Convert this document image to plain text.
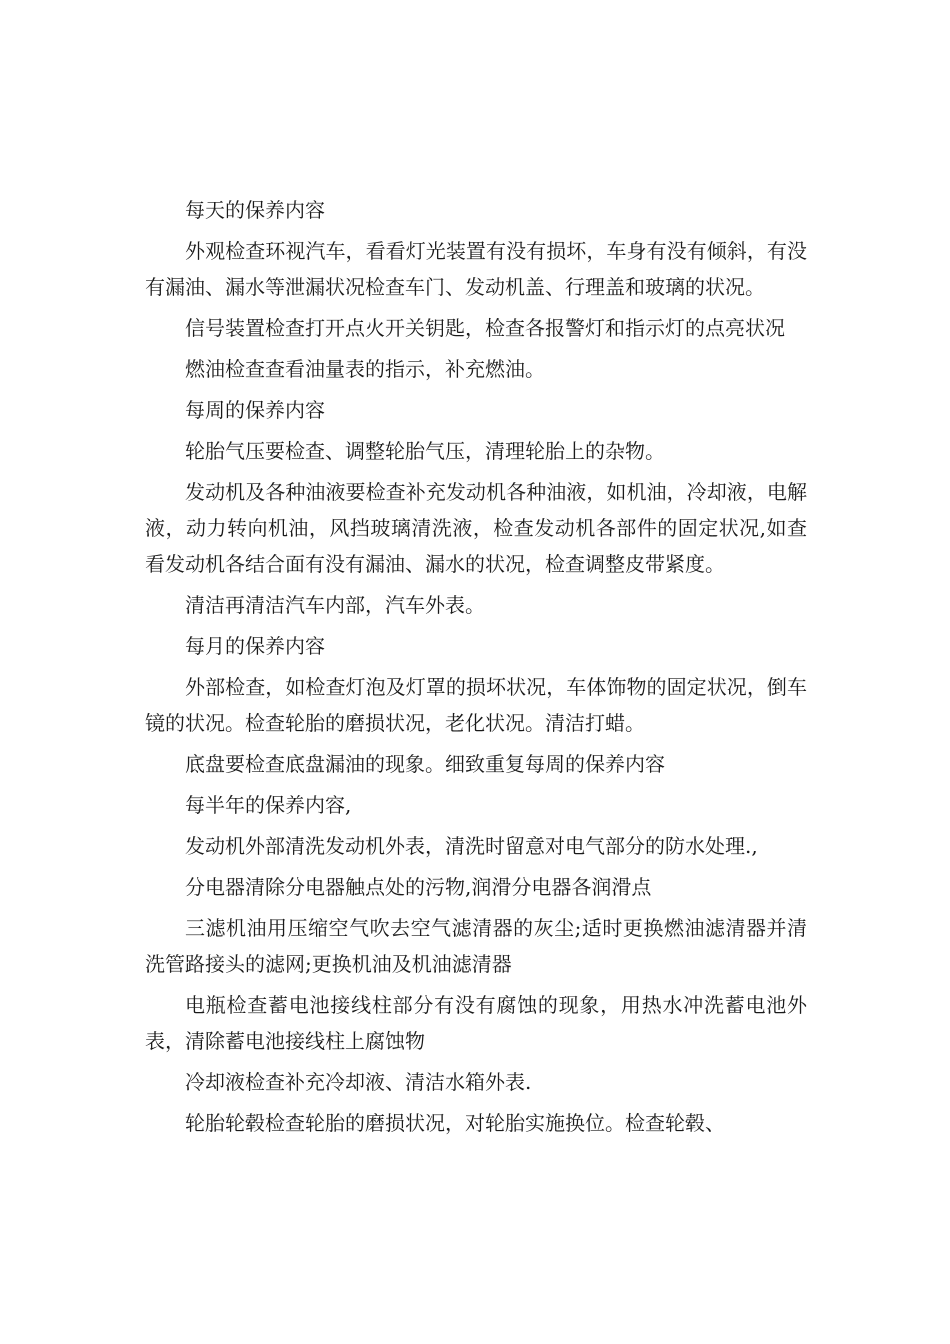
每天的保养内容

外观检查环视汽车，看看灯光装置有没有损坏，车身有没有倾斜，有没有漏油、漏水等泄漏状况检查车门、发动机盖、行理盖和玻璃的状况。

信号装置检查打开点火开关钥匙，检查各报警灯和指示灯的点亮状况

燃油检查查看油量表的指示，补充燃油。

每周的保养内容

轮胎气压要检查、调整轮胎气压，清理轮胎上的杂物。

发动机及各种油液要检查补充发动机各种油液，如机油，冷却液，电解液，动力转向机油，风挡玻璃清洗液，检查发动机各部件的固定状况,如查看发动机各结合面有没有漏油、漏水的状况，检查调整皮带紧度。

清洁再清洁汽车内部，汽车外表。

每月的保养内容

外部检查，如检查灯泡及灯罩的损坏状况，车体饰物的固定状况，倒车镜的状况。检查轮胎的磨损状况，老化状况。清洁打蜡。

底盘要检查底盘漏油的现象。细致重复每周的保养内容

每半年的保养内容,

发动机外部清洗发动机外表，清洗时留意对电气部分的防水处理.,

分电器清除分电器触点处的污物,润滑分电器各润滑点

三滤机油用压缩空气吹去空气滤清器的灰尘;适时更换燃油滤清器并清洗管路接头的滤网;更换机油及机油滤清器

电瓶检查蓄电池接线柱部分有没有腐蚀的现象，用热水冲洗蓄电池外表，清除蓄电池接线柱上腐蚀物

冷却液检查补充冷却液、清洁水箱外表.

轮胎轮毂检查轮胎的磨损状况，对轮胎实施换位。检查轮毂、
